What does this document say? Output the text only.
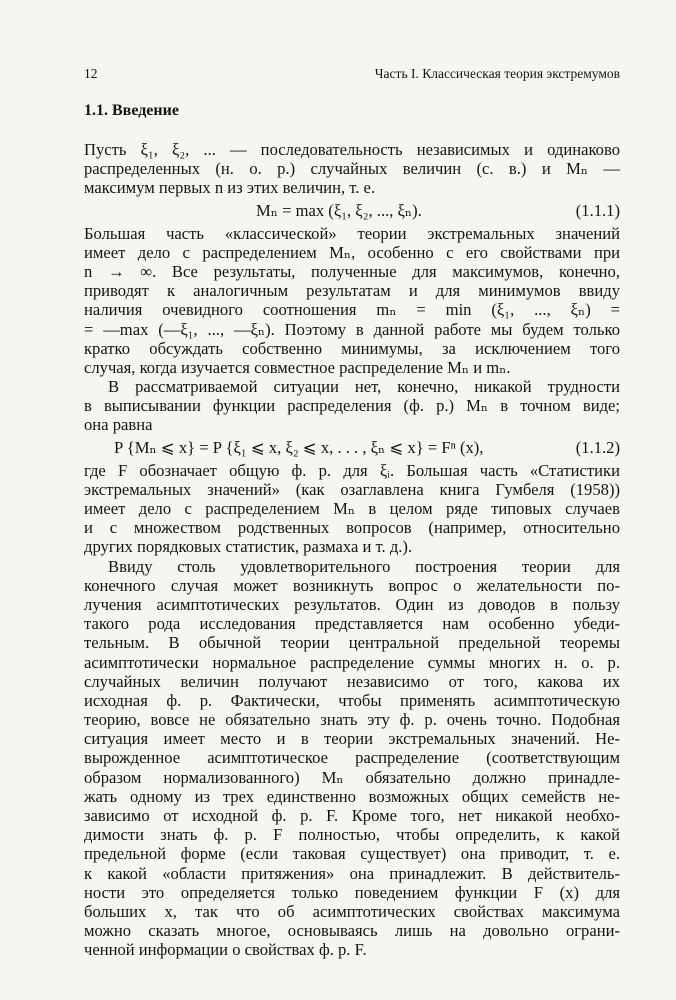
12	Часть I. Классическая теория экстремумов
1.1. Введение
Пусть ξ₁, ξ₂, ... — последовательность независимых и одинаково
распределенных (н. о. р.) случайных величин (с. в.) и Mₙ —
максимум первых n из этих величин, т. е.
Mₙ = max (ξ₁, ξ₂, ..., ξₙ).	(1.1.1)
Большая часть «классической» теории экстремальных значений
имеет дело с распределением Mₙ, особенно с его свойствами при
n → ∞. Все результаты, полученные для максимумов, конечно,
приводят к аналогичным результатам и для минимумов ввиду
наличия очевидного соотношения mₙ = min (ξ₁, ..., ξₙ) =
= —max (—ξ₁, ..., —ξₙ). Поэтому в данной работе мы будем только
кратко обсуждать собственно минимумы, за исключением того
случая, когда изучается совместное распределение Mₙ и mₙ.
В рассматриваемой ситуации нет, конечно, никакой трудности
в выписывании функции распределения (ф. р.) Mₙ в точном виде;
она равна
P {Mₙ ⩽ x} = P {ξ₁ ⩽ x, ξ₂ ⩽ x, . . . , ξₙ ⩽ x} = Fⁿ (x),	(1.1.2)
где F обозначает общую ф. р. для ξᵢ. Большая часть «Статистики
экстремальных значений» (как озаглавлена книга Гумбеля (1958))
имеет дело с распределением Mₙ в целом ряде типовых случаев
и с множеством родственных вопросов (например, относительно
других порядковых статистик, размаха и т. д.).
Ввиду столь удовлетворительного построения теории для
конечного случая может возникнуть вопрос о желательности по-
лучения асимптотических результатов. Один из доводов в пользу
такого рода исследования представляется нам особенно убеди-
тельным. В обычной теории центральной предельной теоремы
асимптотически нормальное распределение суммы многих н. о. р.
случайных величин получают независимо от того, какова их
исходная ф. р. Фактически, чтобы применять асимптотическую
теорию, вовсе не обязательно знать эту ф. р. очень точно. Подобная
ситуация имеет место и в теории экстремальных значений. Не-
вырожденное асимптотическое распределение (соответствующим
образом нормализованного) Mₙ обязательно должно принадле-
жать одному из трех единственно возможных общих семейств не-
зависимо от исходной ф. р. F. Кроме того, нет никакой необхо-
димости знать ф. р. F полностью, чтобы определить, к какой
предельной форме (если таковая существует) она приводит, т. е.
к какой «области притяжения» она принадлежит. В действитель-
ности это определяется только поведением функции F (x) для
больших x, так что об асимптотических свойствах максимума
можно сказать многое, основываясь лишь на довольно ограни-
ченной информации о свойствах ф. р. F.
